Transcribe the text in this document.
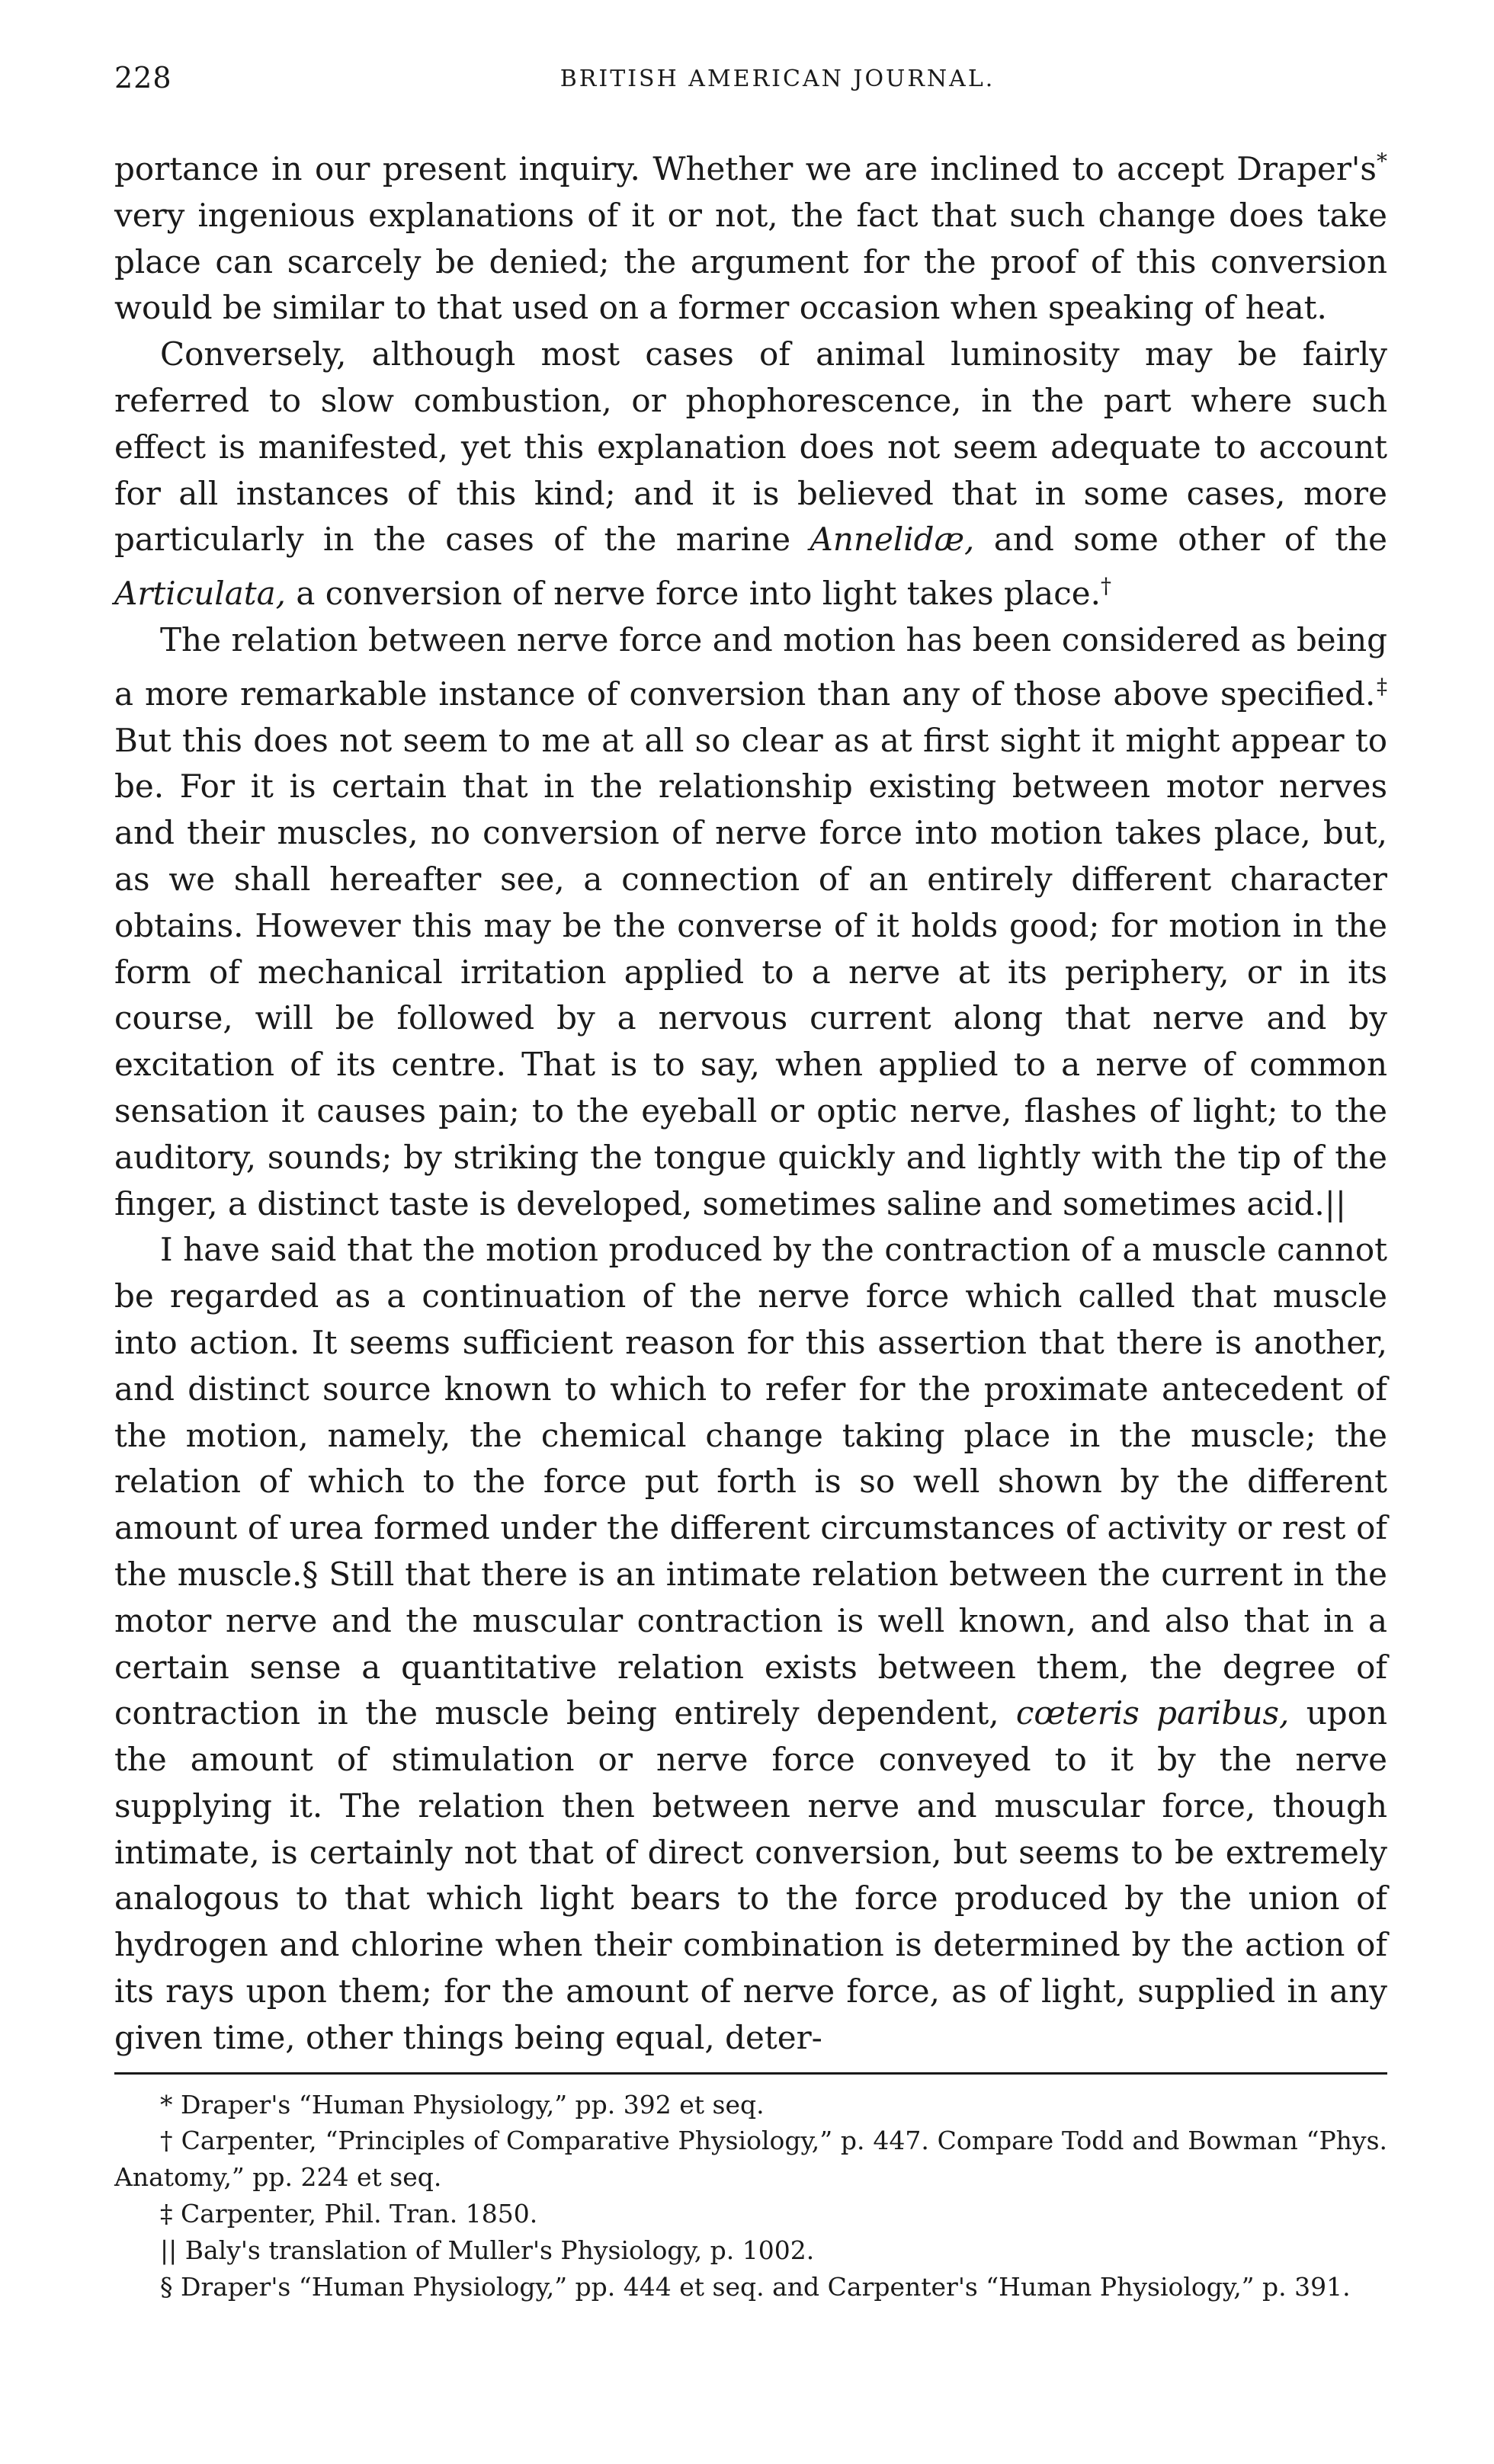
228	BRITISH AMERICAN JOURNAL.

portance in our present inquiry. Whether we are inclined to accept Draper's* very ingenious explanations of it or not, the fact that such change does take place can scarcely be denied; the argument for the proof of this conversion would be similar to that used on a former occasion when speaking of heat.

Conversely, although most cases of animal luminosity may be fairly referred to slow combustion, or phophorescence, in the part where such effect is manifested, yet this explanation does not seem adequate to account for all instances of this kind; and it is believed that in some cases, more particularly in the cases of the marine Annelidæ, and some other of the Articulata, a conversion of nerve force into light takes place.†

The relation between nerve force and motion has been considered as being a more remarkable instance of conversion than any of those above specified.‡ But this does not seem to me at all so clear as at first sight it might appear to be. For it is certain that in the relationship existing between motor nerves and their muscles, no conversion of nerve force into motion takes place, but, as we shall hereafter see, a connection of an entirely different character obtains. However this may be the converse of it holds good; for motion in the form of mechanical irritation applied to a nerve at its periphery, or in its course, will be followed by a nervous current along that nerve and by excitation of its centre. That is to say, when applied to a nerve of common sensation it causes pain; to the eyeball or optic nerve, flashes of light; to the auditory, sounds; by striking the tongue quickly and lightly with the tip of the finger, a distinct taste is developed, sometimes saline and sometimes acid.||

I have said that the motion produced by the contraction of a muscle cannot be regarded as a continuation of the nerve force which called that muscle into action. It seems sufficient reason for this assertion that there is another, and distinct source known to which to refer for the proximate antecedent of the motion, namely, the chemical change taking place in the muscle; the relation of which to the force put forth is so well shown by the different amount of urea formed under the different circumstances of activity or rest of the muscle.§ Still that there is an intimate relation between the current in the motor nerve and the muscular contraction is well known, and also that in a certain sense a quantitative relation exists between them, the degree of contraction in the muscle being entirely dependent, cœteris paribus, upon the amount of stimulation or nerve force conveyed to it by the nerve supplying it. The relation then between nerve and muscular force, though intimate, is certainly not that of direct conversion, but seems to be extremely analogous to that which light bears to the force produced by the union of hydrogen and chlorine when their combination is determined by the action of its rays upon them; for the amount of nerve force, as of light, supplied in any given time, other things being equal, deter-

* Draper's “Human Physiology,” pp. 392 et seq.

† Carpenter, “Principles of Comparative Physiology,” p. 447. Compare Todd and Bowman “Phys. Anatomy,” pp. 224 et seq.

‡ Carpenter, Phil. Tran. 1850.

|| Baly's translation of Muller's Physiology, p. 1002.

§ Draper's “Human Physiology,” pp. 444 et seq. and Carpenter's “Human Physiology,” p. 391.
